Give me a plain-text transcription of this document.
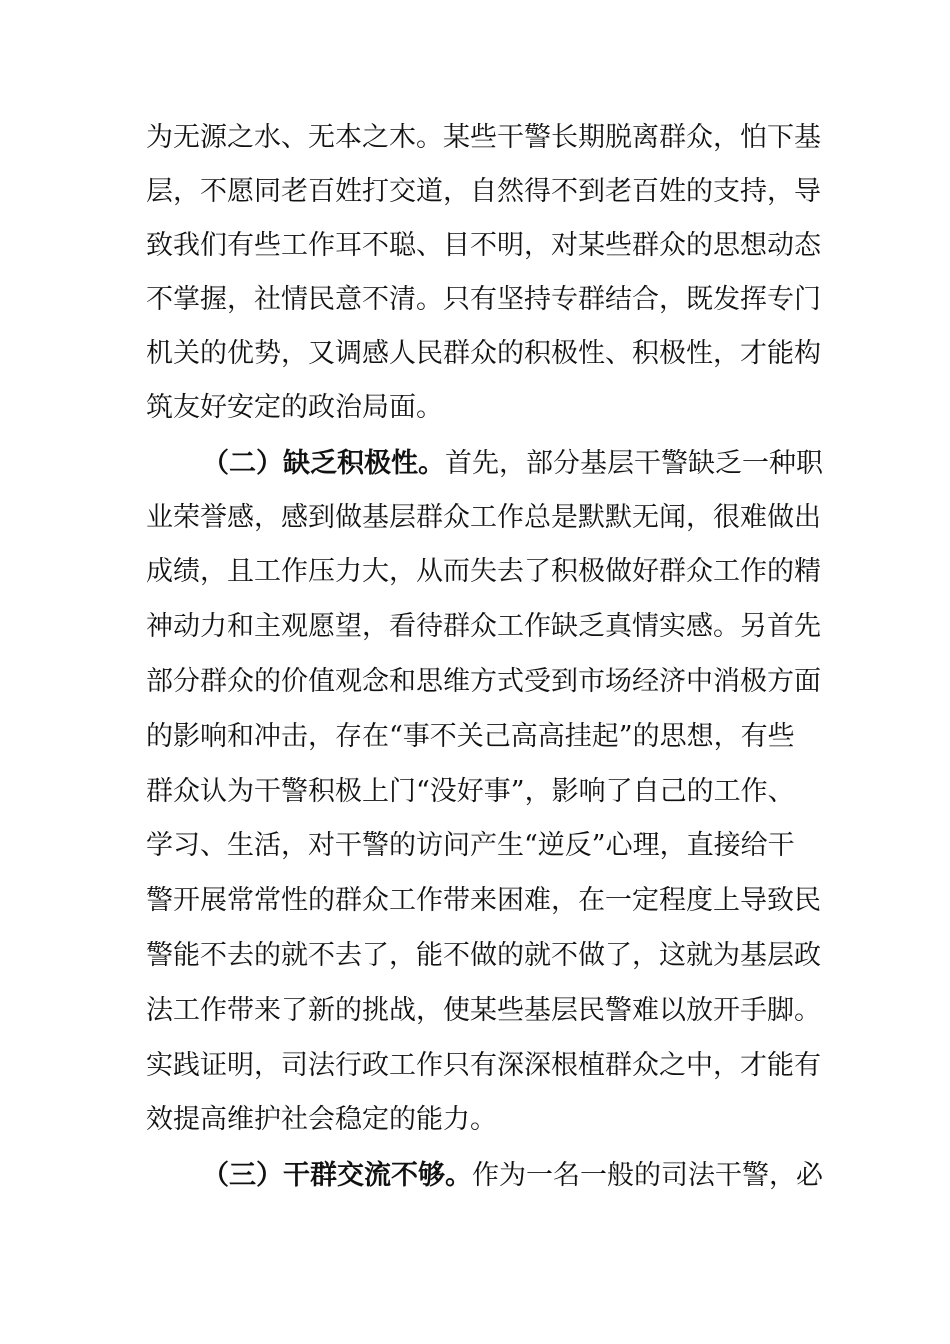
为无源之水、无本之木。某些干警长期脱离群众，怕下基
层，不愿同老百姓打交道，自然得不到老百姓的支持，导
致我们有些工作耳不聪、目不明，对某些群众的思想动态
不掌握，社情民意不清。只有坚持专群结合，既发挥专门
机关的优势，又调感人民群众的积极性、积极性，才能构
筑友好安定的政治局面。
（二）缺乏积极性。首先，部分基层干警缺乏一种职
业荣誉感，感到做基层群众工作总是默默无闻，很难做出
成绩，且工作压力大，从而失去了积极做好群众工作的精
神动力和主观愿望，看待群众工作缺乏真情实感。另首先
部分群众的价值观念和思维方式受到市场经济中消极方面
的影响和冲击，存在“事不关己高高挂起”的思想，有些
群众认为干警积极上门“没好事”，影响了自己的工作、
学习、生活，对干警的访问产生“逆反”心理，直接给干
警开展常常性的群众工作带来困难，在一定程度上导致民
警能不去的就不去了，能不做的就不做了，这就为基层政
法工作带来了新的挑战，使某些基层民警难以放开手脚。
实践证明，司法行政工作只有深深根植群众之中，才能有
效提高维护社会稳定的能力。
（三）干群交流不够。作为一名一般的司法干警，必
